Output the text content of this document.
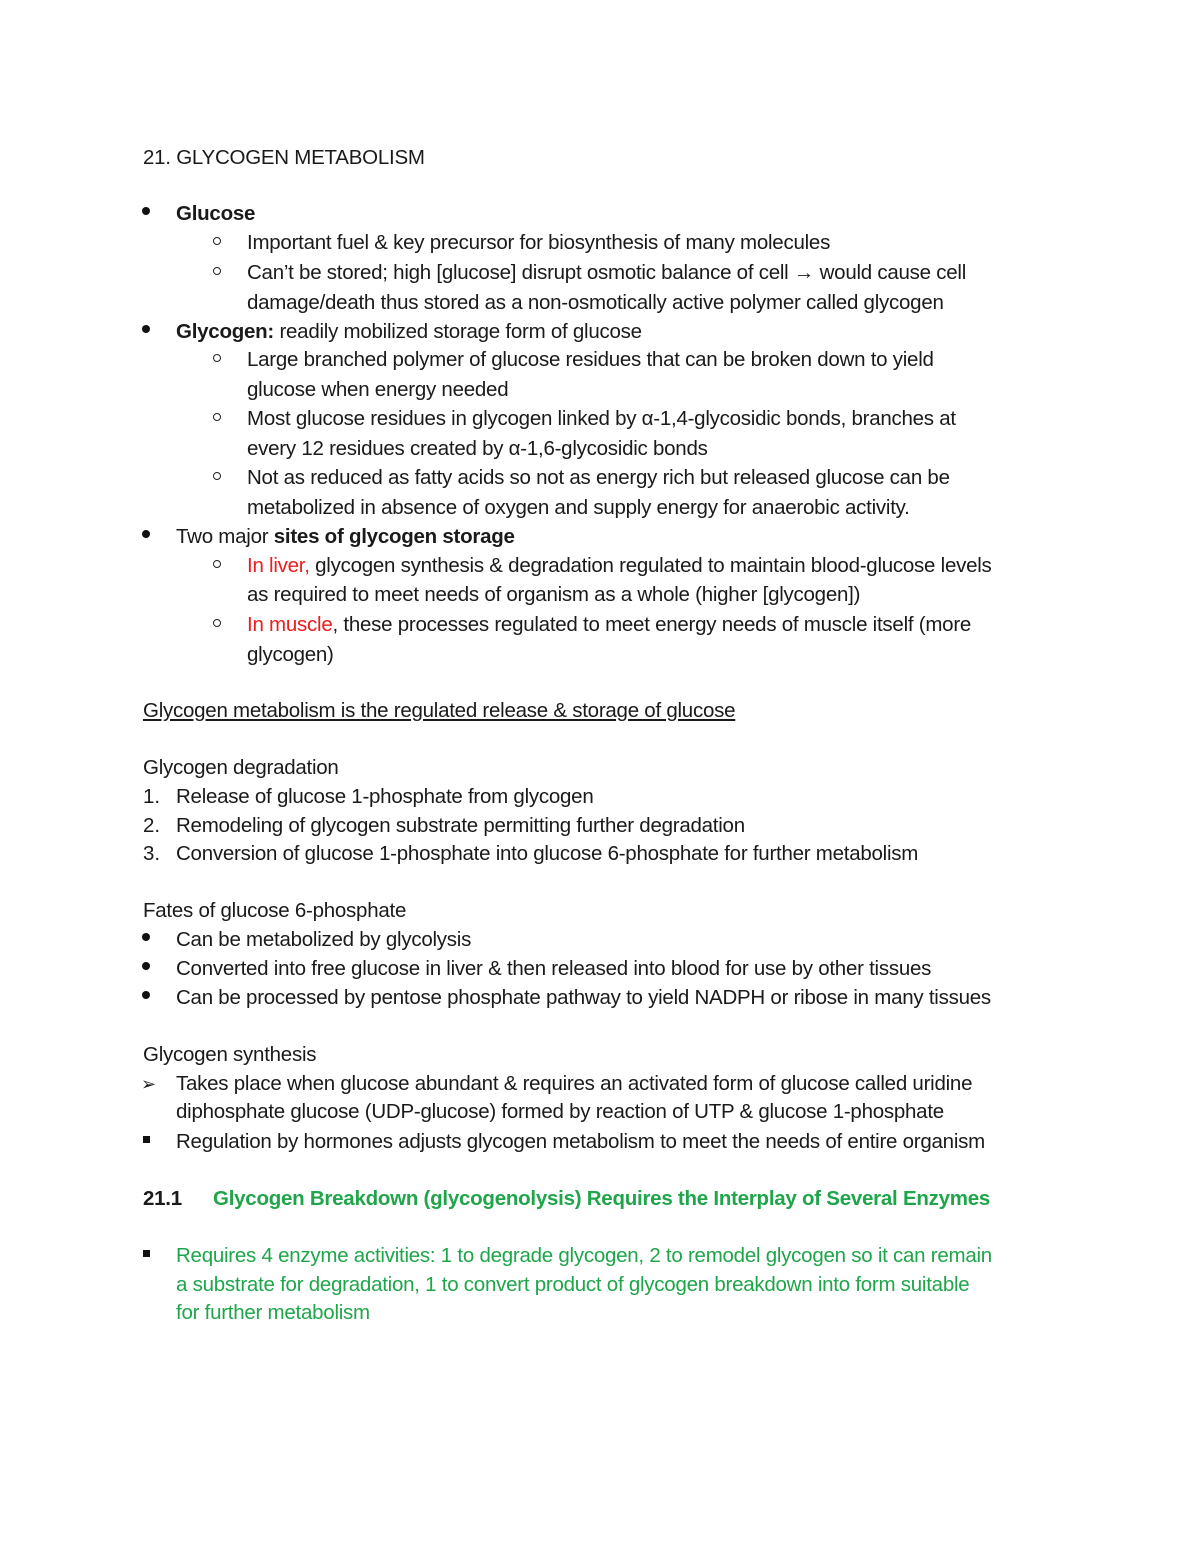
21. GLYCOGEN METABOLISM
Glucose
Important fuel & key precursor for biosynthesis of many molecules
Can’t be stored; high [glucose] disrupt osmotic balance of cell → would cause cell
damage/death thus stored as a non-osmotically active polymer called glycogen
Glycogen: readily mobilized storage form of glucose
Large branched polymer of glucose residues that can be broken down to yield
glucose when energy needed
Most glucose residues in glycogen linked by α-1,4-glycosidic bonds, branches at
every 12 residues created by α-1,6-glycosidic bonds
Not as reduced as fatty acids so not as energy rich but released glucose can be
metabolized in absence of oxygen and supply energy for anaerobic activity.
Two major sites of glycogen storage
In liver, glycogen synthesis & degradation regulated to maintain blood-glucose levels
as required to meet needs of organism as a whole (higher [glycogen])
In muscle, these processes regulated to meet energy needs of muscle itself (more
glycogen)
Glycogen metabolism is the regulated release & storage of glucose
Glycogen degradation
1. Release of glucose 1-phosphate from glycogen
2. Remodeling of glycogen substrate permitting further degradation
3. Conversion of glucose 1-phosphate into glucose 6-phosphate for further metabolism
Fates of glucose 6-phosphate
Can be metabolized by glycolysis
Converted into free glucose in liver & then released into blood for use by other tissues
Can be processed by pentose phosphate pathway to yield NADPH or ribose in many tissues
Glycogen synthesis
➢ Takes place when glucose abundant & requires an activated form of glucose called uridine
diphosphate glucose (UDP-glucose) formed by reaction of UTP & glucose 1-phosphate
Regulation by hormones adjusts glycogen metabolism to meet the needs of entire organism
21.1 Glycogen Breakdown (glycogenolysis) Requires the Interplay of Several Enzymes
Requires 4 enzyme activities: 1 to degrade glycogen, 2 to remodel glycogen so it can remain
a substrate for degradation, 1 to convert product of glycogen breakdown into form suitable
for further metabolism
